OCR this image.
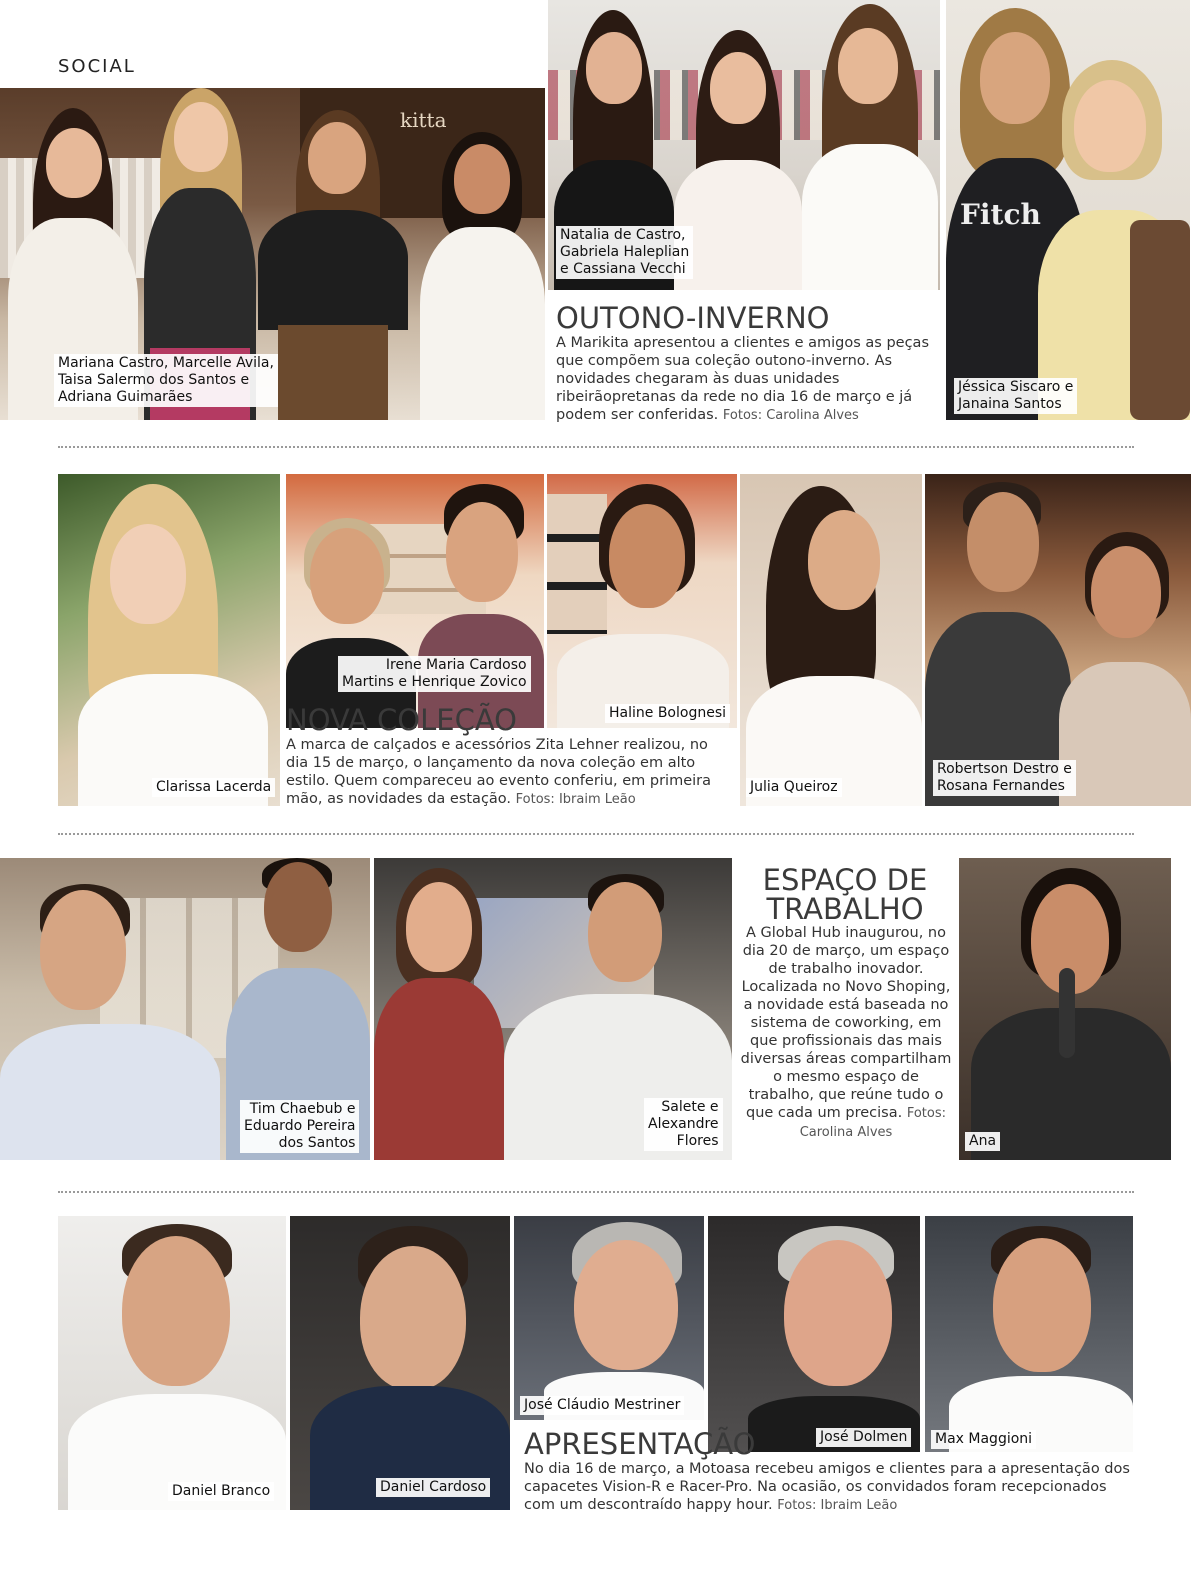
SOCIAL
kitta
Mariana Castro, Marcelle Avila,
Taisa Salermo dos Santos e
Adriana Guimarães
Natalia de Castro,
Gabriela Haleplian
e Cassiana Vecchi
Fitch
Jéssica Siscaro e
Janaina Santos
OUTONO-INVERNO

A Marikita apresentou a clientes e amigos as peças que compõem sua coleção outono-inverno. As novidades chegaram às duas unidades ribeirãopretanas da rede no dia 16 de março e já podem ser conferidas. Fotos: Carolina Alves

Clarissa Lacerda
Irene Maria Cardoso
Martins e Henrique Zovico
Haline Bolognesi
Julia Queiroz
Robertson Destro e
Rosana Fernandes
NOVA COLEÇÃO

A marca de calçados e acessórios Zita Lehner realizou, no dia 15 de março, o lançamento da nova coleção em alto estilo. Quem compareceu ao evento conferiu, em primeira mão, as novidades da estação. Fotos: Ibraim Leão

Tim Chaebub e
Eduardo Pereira
dos Santos
Salete e
Alexandre
Flores
ESPAÇO DE
TRABALHO

A Global Hub inaugurou, no dia 20 de março, um espaço de trabalho inovador. Localizada no Novo Shoping, a novidade está baseada no sistema de coworking, em que profissionais das mais diversas áreas compartilham o mesmo espaço de trabalho, que reúne tudo o que cada um precisa. Fotos: Carolina Alves

Ana
Daniel Branco	Daniel Cardoso
José Cláudio Mestriner
José Dolmen Max Maggioni
APRESENTAÇÃO

No dia 16 de março, a Motoasa recebeu amigos e clientes para a apresentação dos capacetes Vision-R e Racer-Pro. Na ocasião, os convidados foram recepcionados com um descontraído happy hour. Fotos: Ibraim Leão
